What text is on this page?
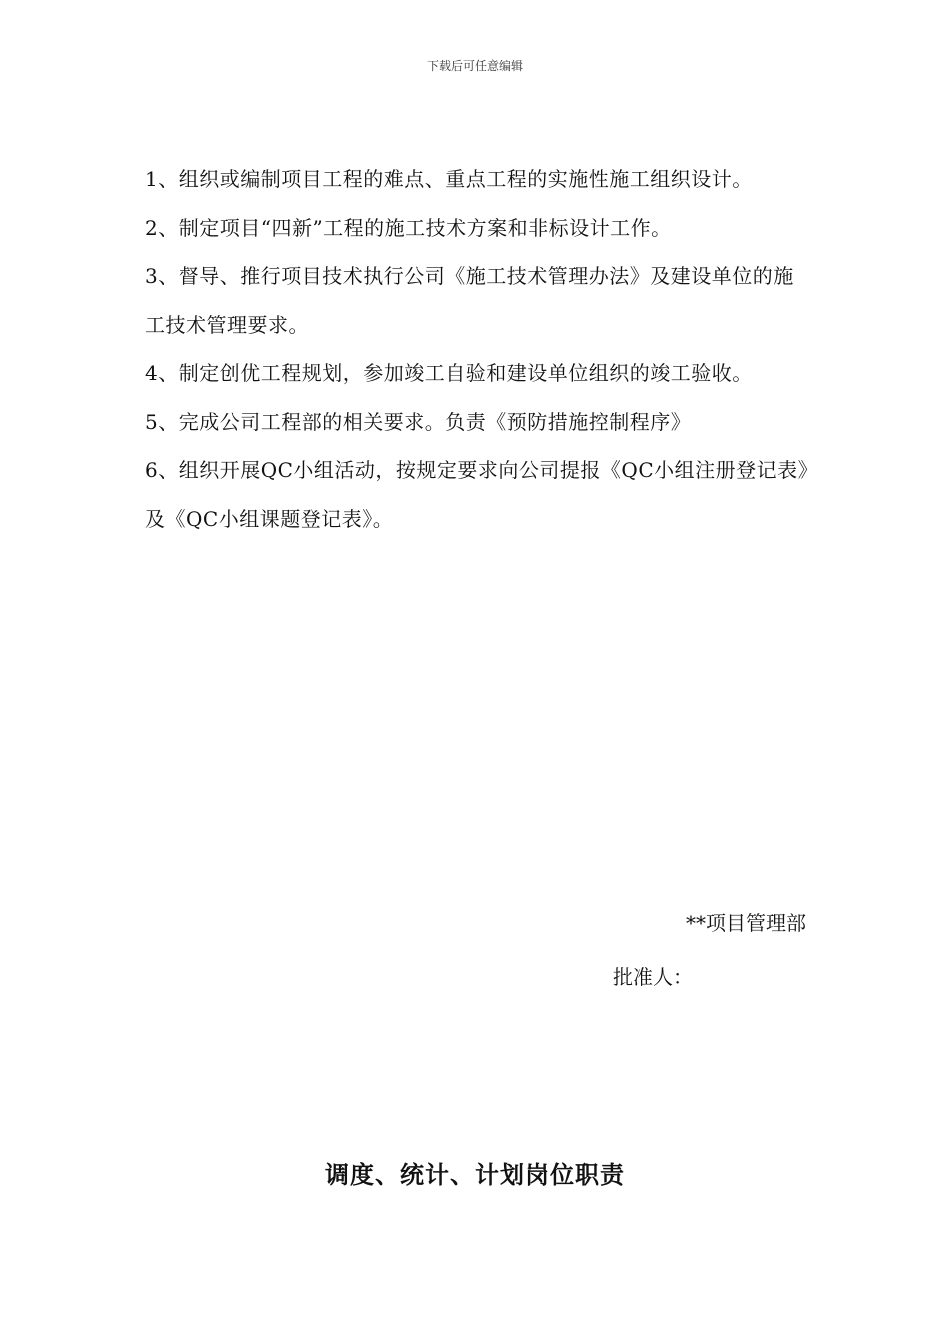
下载后可任意编辑

1、组织或编制项目工程的难点、重点工程的实施性施工组织设计。

2、制定项目“四新”工程的施工技术方案和非标设计工作。

3、督导、推行项目技术执行公司《施工技术管理办法》及建设单位的施工技术管理要求。

4、制定创优工程规划，参加竣工自验和建设单位组织的竣工验收。

5、完成公司工程部的相关要求。负责《预防措施控制程序》

6、组织开展QC小组活动，按规定要求向公司提报《QC小组注册登记表》及《QC小组课题登记表》。

**项目管理部
批准人：
调度、统计、计划岗位职责
